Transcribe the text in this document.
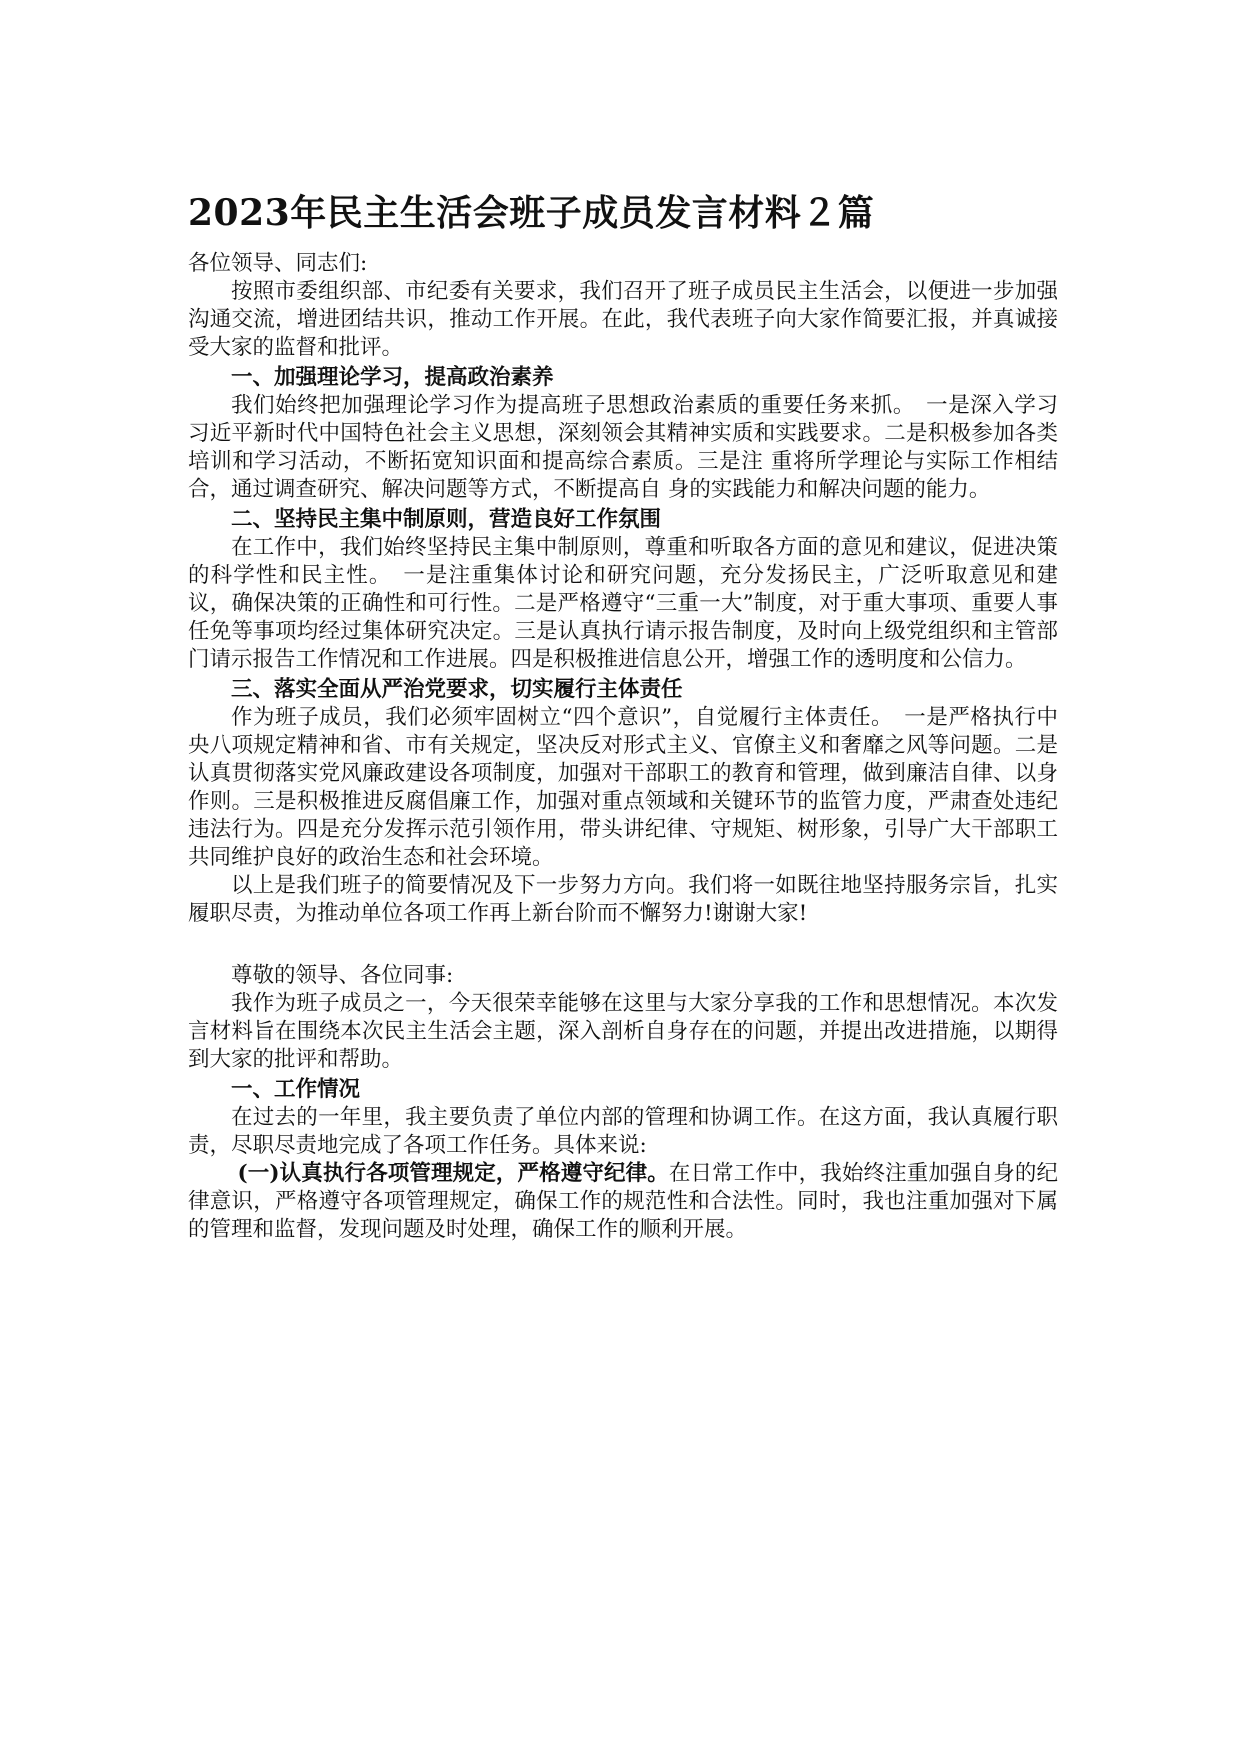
2023年民主生活会班子成员发言材料２篇

各位领导、同志们:

按照市委组织部、市纪委有关要求，我们召开了班子成员民主生活会，以便进一步加强沟通交流，增进团结共识，推动工作开展。在此，我代表班子向大家作简要汇报，并真诚接受大家的监督和批评。

一、加强理论学习，提高政治素养

我们始终把加强理论学习作为提高班子思想政治素质的重要任务来抓。　一是深入学习习近平新时代中国特色社会主义思想，深刻领会其精神实质和实践要求。二是积极参加各类培训和学习活动，不断拓宽知识面和提高综合素质。三是注 重将所学理论与实际工作相结合，通过调查研究、解决问题等方式，不断提高自 身的实践能力和解决问题的能力。

二、坚持民主集中制原则，营造良好工作氛围

在工作中，我们始终坚持民主集中制原则，尊重和听取各方面的意见和建议，促进决策的科学性和民主性。　一是注重集体讨论和研究问题，充分发扬民主，广泛听取意见和建议，确保决策的正确性和可行性。二是严格遵守“三重一大”制度，对于重大事项、重要人事任免等事项均经过集体研究决定。三是认真执行请示报告制度，及时向上级党组织和主管部门请示报告工作情况和工作进展。四是积极推进信息公开，增强工作的透明度和公信力。

三、落实全面从严治党要求，切实履行主体责任

作为班子成员，我们必须牢固树立“四个意识”，自觉履行主体责任。　一是严格执行中央八项规定精神和省、市有关规定，坚决反对形式主义、官僚主义和奢靡之风等问题。二是认真贯彻落实党风廉政建设各项制度，加强对干部职工的教育和管理，做到廉洁自律、以身作则。三是积极推进反腐倡廉工作，加强对重点领域和关键环节的监管力度，严肃查处违纪违法行为。四是充分发挥示范引领作用，带头讲纪律、守规矩、树形象，引导广大干部职工共同维护良好的政治生态和社会环境。

以上是我们班子的简要情况及下一步努力方向。我们将一如既往地坚持服务宗旨，扎实履职尽责，为推动单位各项工作再上新台阶而不懈努力!谢谢大家!

尊敬的领导、各位同事:

我作为班子成员之一，今天很荣幸能够在这里与大家分享我的工作和思想情况。本次发言材料旨在围绕本次民主生活会主题，深入剖析自身存在的问题，并提出改进措施，以期得到大家的批评和帮助。

一、工作情况

在过去的一年里，我主要负责了单位内部的管理和协调工作。在这方面，我认真履行职责，尽职尽责地完成了各项工作任务。具体来说:

(一)认真执行各项管理规定，严格遵守纪律。在日常工作中，我始终注重加强自身的纪律意识，严格遵守各项管理规定，确保工作的规范性和合法性。同时，我也注重加强对下属的管理和监督，发现问题及时处理，确保工作的顺利开展。
